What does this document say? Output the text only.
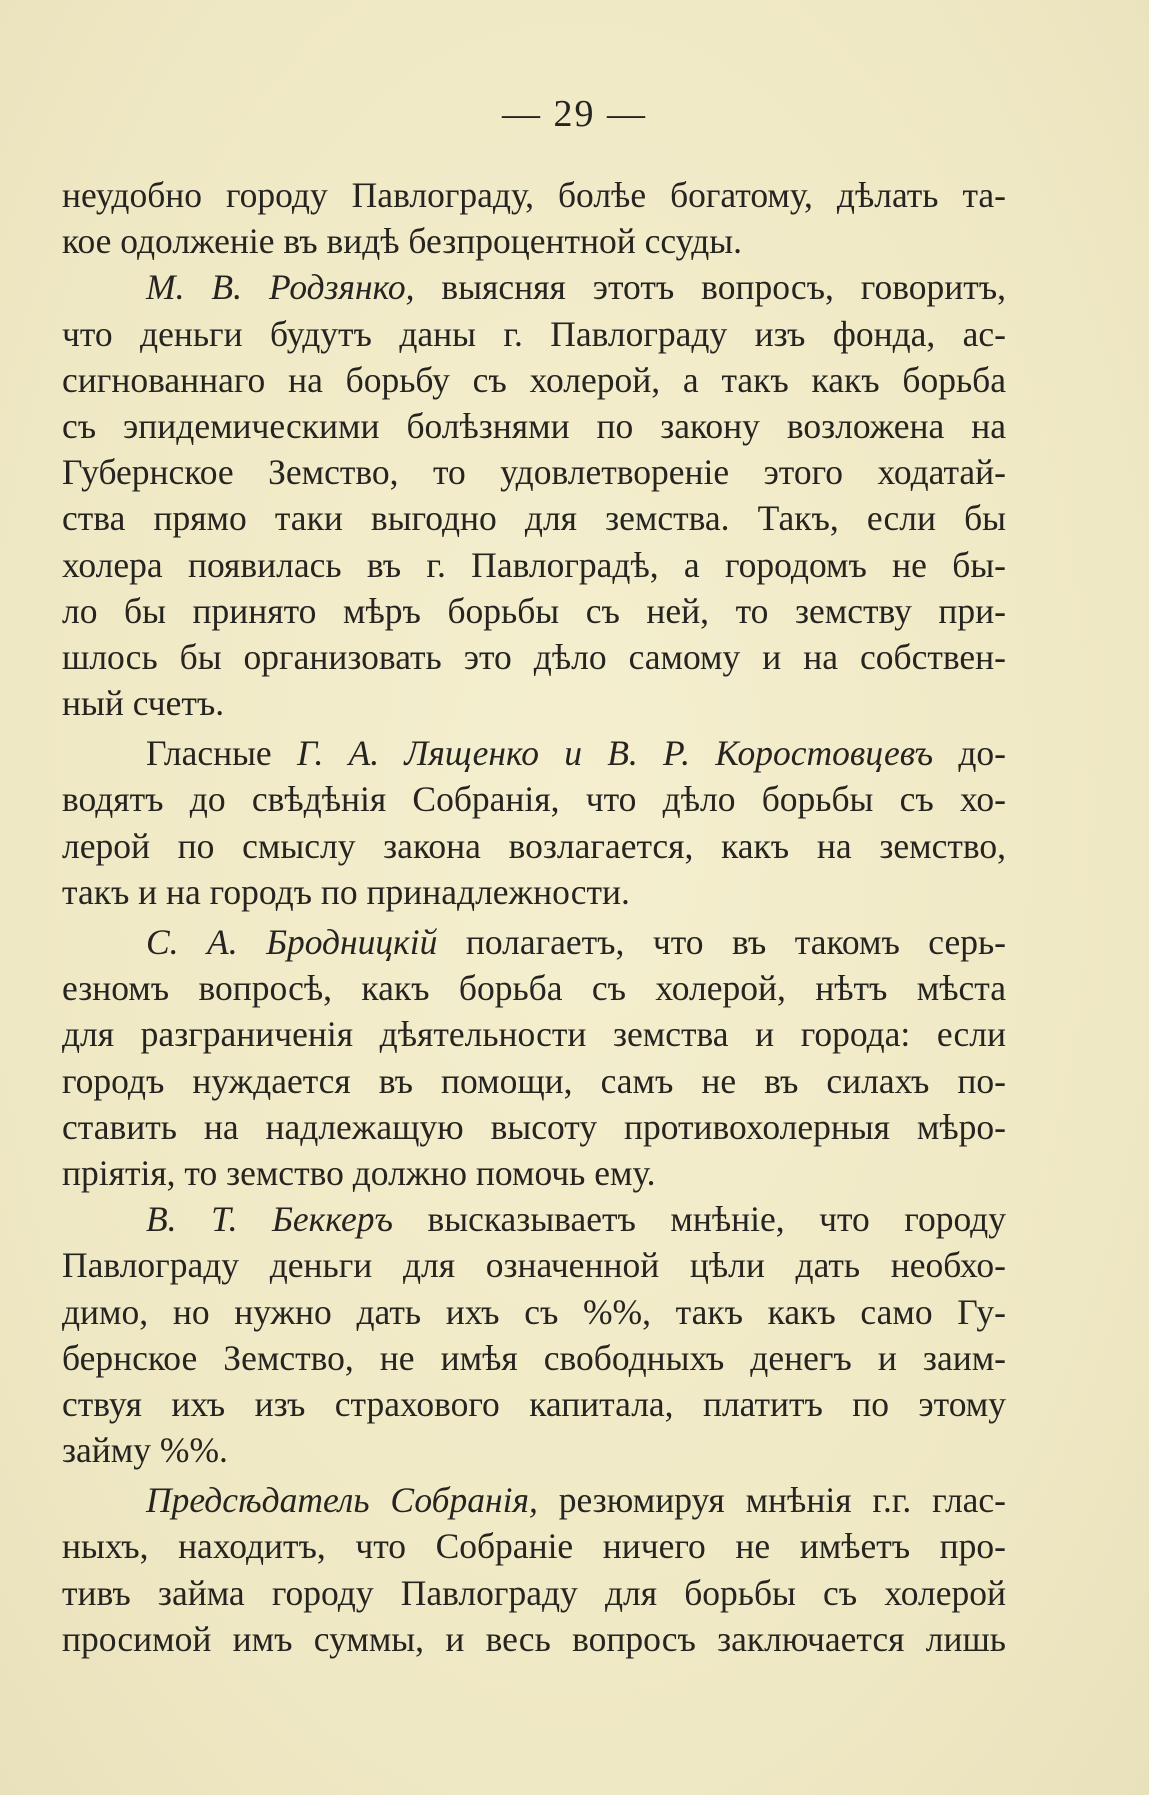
— 29 —
неудобно городу Павлограду, болѣе богатому, дѣлать та-
кое одолженіе въ видѣ безпроцентной ссуды.
М. В. Родзянко, выясняя этотъ вопросъ, говоритъ,
что деньги будутъ даны г. Павлограду изъ фонда, ас-
сигнованнаго на борьбу съ холерой, а такъ какъ борьба
съ эпидемическими болѣзнями по закону возложена на
Губернское Земство, то удовлетвореніе этого ходатай-
ства прямо таки выгодно для земства. Такъ, если бы
холера появилась въ г. Павлоградѣ, а городомъ не бы-
ло бы принято мѣръ борьбы съ ней, то земству при-
шлось бы организовать это дѣло самому и на собствен-
ный счетъ.
Гласные Г. А. Лященко и В. Р. Коростовцевъ до-
водятъ до свѣдѣнія Собранія, что дѣло борьбы съ хо-
лерой по смыслу закона возлагается, какъ на земство,
такъ и на городъ по принадлежности.
С. А. Бродницкій полагаетъ, что въ такомъ серь-
езномъ вопросѣ, какъ борьба съ холерой, нѣтъ мѣста
для разграниченія дѣятельности земства и города: если
городъ нуждается въ помощи, самъ не въ силахъ по-
ставить на надлежащую высоту противохолерныя мѣро-
пріятія, то земство должно помочь ему.
В. Т. Беккеръ высказываетъ мнѣніе, что городу
Павлограду деньги для означенной цѣли дать необхо-
димо, но нужно дать ихъ съ %%, такъ какъ само Гу-
бернское Земство, не имѣя свободныхъ денегъ и заим-
ствуя ихъ изъ страхового капитала, платитъ по этому
займу %%.
Предсѣдатель Собранія, резюмируя мнѣнія г.г. глас-
ныхъ, находитъ, что Собраніе ничего не имѣетъ про-
тивъ займа городу Павлограду для борьбы съ холерой
просимой имъ суммы, и весь вопросъ заключается лишь
